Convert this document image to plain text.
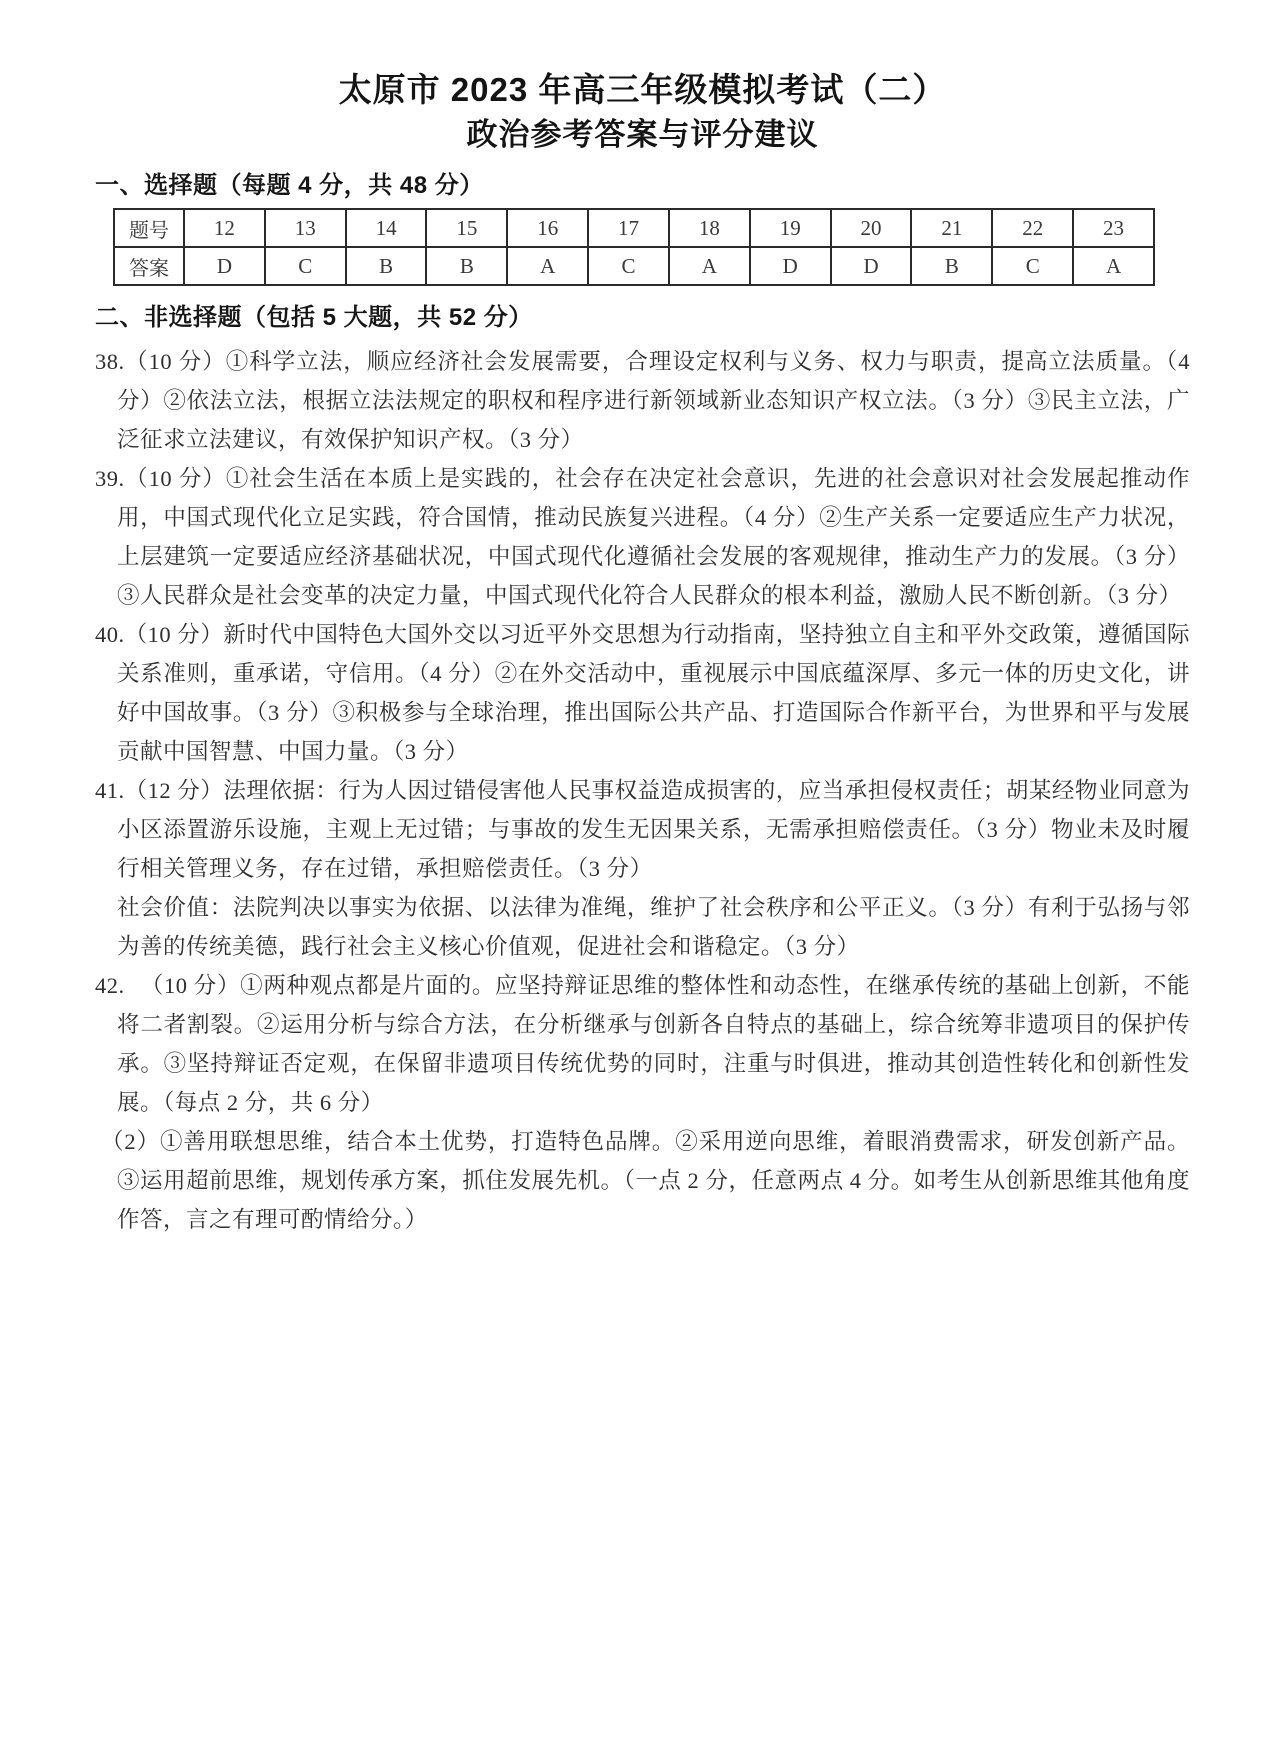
太原市 2023 年高三年级模拟考试（二）
政治参考答案与评分建议
一、选择题（每题 4 分，共 48 分）
题号	12	13	14	15	16	17	18	19	20	21	22	23
答案	D	C	B	B	A	C	A	D	D	B	C	A
二、非选择题（包括 5 大题，共 52 分）
38.（10 分）①科学立法，顺应经济社会发展需要，合理设定权利与义务、权力与职责，提高立法质量。（4 分）②依法立法，根据立法法规定的职权和程序进行新领域新业态知识产权立法。（3 分）③民主立法，广泛征求立法建议，有效保护知识产权。（3 分）
39.（10 分）①社会生活在本质上是实践的，社会存在决定社会意识，先进的社会意识对社会发展起推动作用，中国式现代化立足实践，符合国情，推动民族复兴进程。（4 分）②生产关系一定要适应生产力状况，上层建筑一定要适应经济基础状况，中国式现代化遵循社会发展的客观规律，推动生产力的发展。（3 分）③人民群众是社会变革的决定力量，中国式现代化符合人民群众的根本利益，激励人民不断创新。（3 分）
40.（10 分）新时代中国特色大国外交以习近平外交思想为行动指南，坚持独立自主和平外交政策，遵循国际关系准则，重承诺，守信用。（4 分）②在外交活动中，重视展示中国底蕴深厚、多元一体的历史文化，讲好中国故事。（3 分）③积极参与全球治理，推出国际公共产品、打造国际合作新平台，为世界和平与发展贡献中国智慧、中国力量。（3 分）
41.（12 分）法理依据：行为人因过错侵害他人民事权益造成损害的，应当承担侵权责任；胡某经物业同意为小区添置游乐设施，主观上无过错；与事故的发生无因果关系，无需承担赔偿责任。（3 分）物业未及时履行相关管理义务，存在过错，承担赔偿责任。（3 分）
社会价值：法院判决以事实为依据、以法律为准绳，维护了社会秩序和公平正义。（3 分）有利于弘扬与邻为善的传统美德，践行社会主义核心价值观，促进社会和谐稳定。（3 分）
42. （10 分）①两种观点都是片面的。应坚持辩证思维的整体性和动态性，在继承传统的基础上创新，不能将二者割裂。②运用分析与综合方法，在分析继承与创新各自特点的基础上，综合统筹非遗项目的保护传承。③坚持辩证否定观，在保留非遗项目传统优势的同时，注重与时俱进，推动其创造性转化和创新性发展。（每点 2 分，共 6 分）
（2）①善用联想思维，结合本土优势，打造特色品牌。②采用逆向思维，着眼消费需求，研发创新产品。③运用超前思维，规划传承方案，抓住发展先机。（一点 2 分，任意两点 4 分。如考生从创新思维其他角度作答，言之有理可酌情给分。）
